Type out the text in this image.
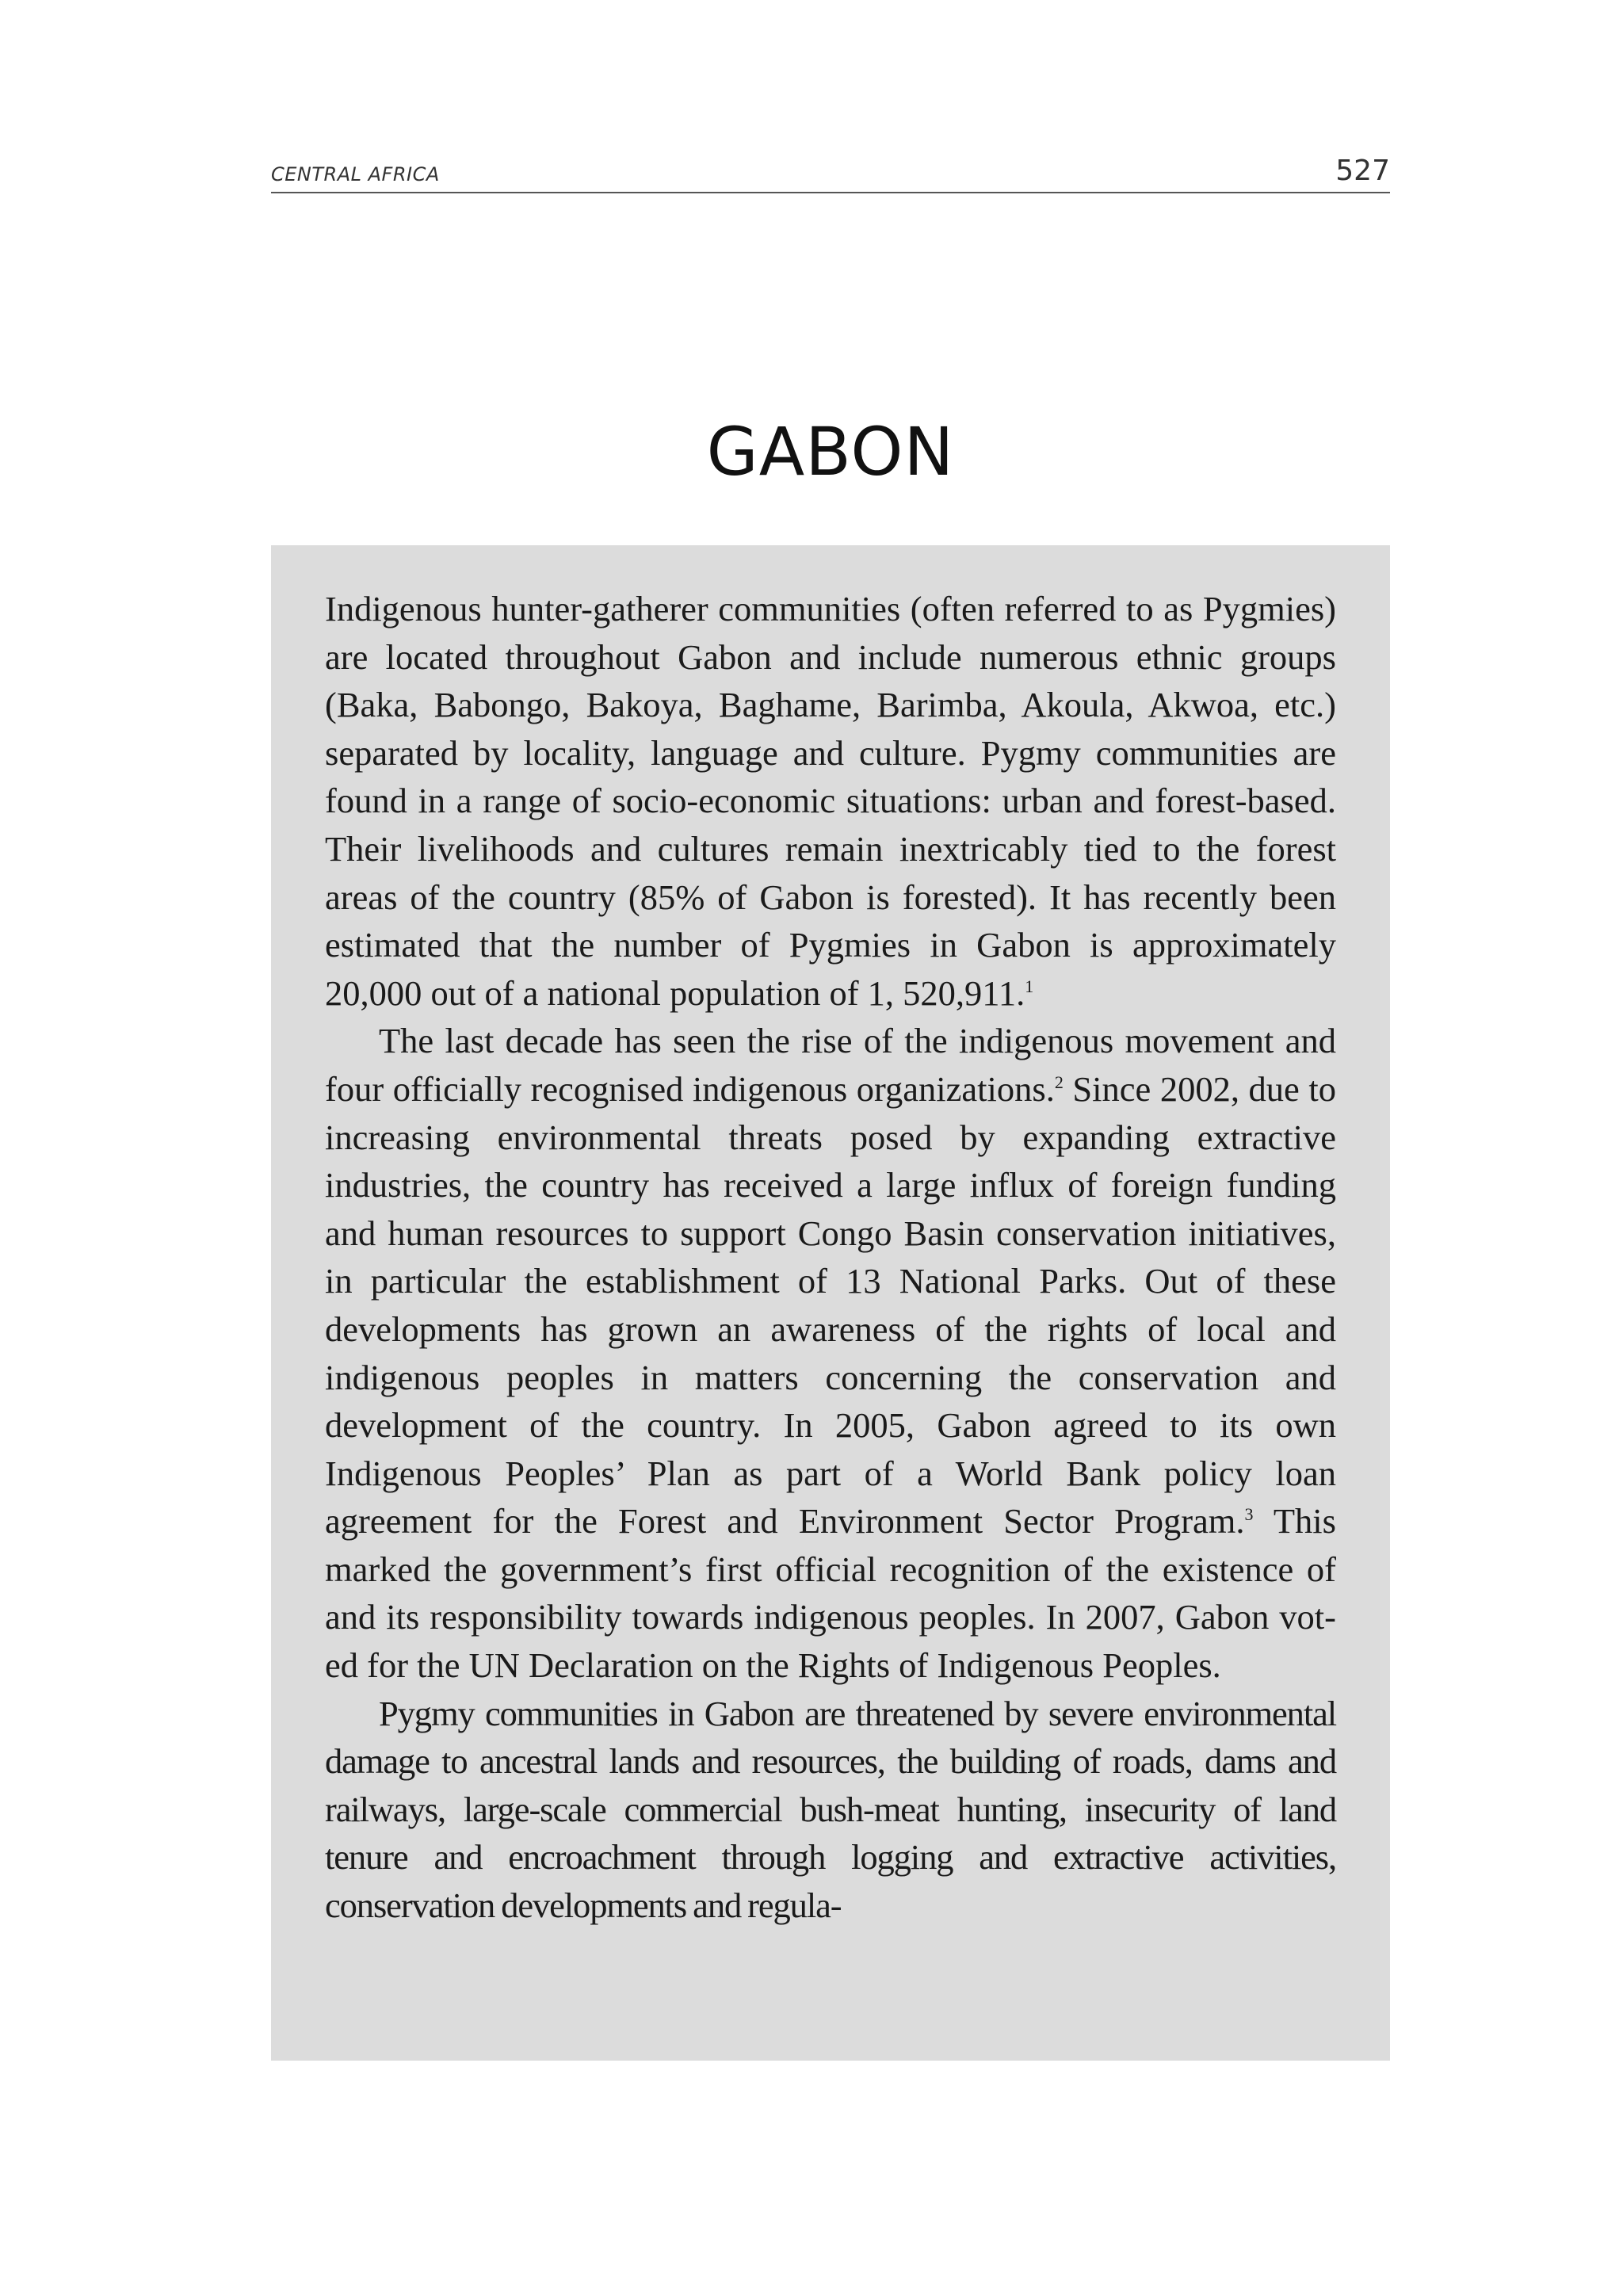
CENTRAL AFRICA	527
GABON

Indigenous hunter-gatherer communities (often referred to as Pygmies) are located throughout Gabon and include numerous ethnic groups (Baka, Babongo, Bakoya, Baghame, Barimba, Akoula, Akwoa, etc.) separated by locality, language and culture. Pygmy communities are found in a range of socio-economic situations: urban and forest-based. Their livelihoods and cultures remain inextricably tied to the forest areas of the country (85% of Gabon is forested). It has recently been estimated that the number of Pygmies in Gabon is approximately 20,000 out of a national population of 1, 520,911.$^1$

The last decade has seen the rise of the indigenous movement and four officially recognised indigenous organizations.$^2$ Since 2002, due to increasing environmental threats posed by expanding extractive industries, the country has received a large influx of foreign funding and human resources to support Congo Basin conservation initiatives, in particular the establishment of 13 National Parks. Out of these developments has grown an awareness of the rights of local and indigenous peoples in matters concerning the conservation and development of the country. In 2005, Gabon agreed to its own Indigenous Peoples’ Plan as part of a World Bank policy loan agreement for the Forest and Environment Sector Program.$^3$ This marked the government’s first official recognition of the existence of and its responsibility towards indigenous peoples. In 2007, Gabon voted for the UN Declaration on the Rights of Indigenous Peoples.

Pygmy communities in Gabon are threatened by severe environmental damage to ancestral lands and resources, the building of roads, dams and railways, large-scale commercial bush-meat hunting, insecurity of land tenure and encroachment through logging and extractive activities, conservation developments and regula-
